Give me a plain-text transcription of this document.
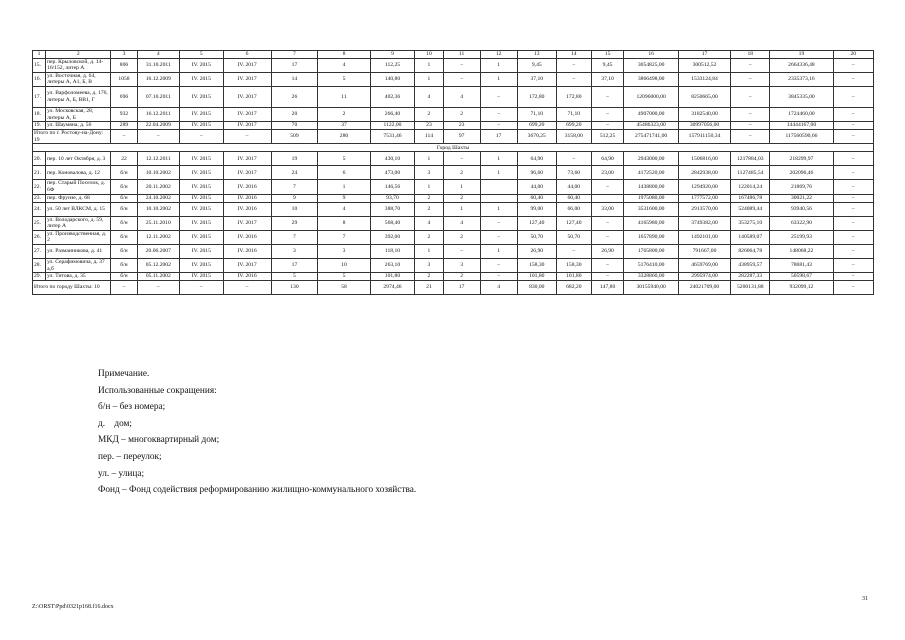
1	2	3	4	5	6	7	8	9	10	11	12	13	14	15	16	17	18	19	20
15.	пер. Крыловской, д. 14-16/152, литер А	806	31.10.2011	IV. 2015	IV. 2017	17	4	112,25	1	–	1	9,45	–	9,45	3054825,00	300512,52	–	2664336,48	–
16.	ул. Восточная, д. 64, литеры А, А1, Б, В	1058	16.12.2009	IV. 2015	IV. 2017	14	5	140,80	1	–	1	37,10	–	37,10	3866498,00	1533124,84	–	2335373,16	–
17.	ул. Варфоломеева, д. 176, литеры А, Б, ВВ1, Г	696	07.10.2011	IV. 2015	IV. 2017	26	11	402,36	4	4	–	172,80	172,80	–	12096000,00	8250665,00	–	3845335,00	–
18.	ул. Московская, 28, литеры А, Б	932	16.12.2011	IV. 2015	IV. 2017	20	2	266,40	2	2	–	71,10	71,10	–	4907000,00	3182540,00	–	1724460,00	–
19.	ул. Шаумяна, д. 56	289	22.04.2009	IV. 2015	IV. 2017	70	37	1122,00	23	23	–	699,20	699,20	–	45486323,00	30997056,00	–	14444167,00	–
Итого по г. Ростову-на-Дону: 19		–	–	–	–	509	280	7531,46	114	97	17	3670,25	3158,00	512,25	275471741,00	157911150,34	–	117560590,66	–
Город Шахты																			
20.	пер. 10 лет Октября, д. 3	22	12.12.2011	IV. 2015	IV. 2017	19	5	430,10	1	–	1	64,90	–	64,90	2943000,00	1506816,00	1217884,03	218299,97	–
21.	пер. Коновалова, д. 12	б/н	10.10.2002	IV. 2015	IV. 2017	24	6	473,00	3	2	1	96,60	73,60	23,00	4172520,00	2842938,00	1127485,54	202096,46	–
22.	пер. Старый Поселок, д. 6Ф	б/н	20.11.2002	IV. 2015	IV. 2016	7	1	146,56	1	1		44,00	44,00	–	1438800,00	1294920,00	122014,24	21869,76	–
23.	пер. Фрунзе, д. 68	б/н	24.10.2002	IV. 2015	IV. 2016	9	9	93,70	2	2		60,40	60,40		1975080,00	1777572,00	167486,78	30021,22	–
24.	ул. 50 лет ВЛКСМ, д. 15	б/н	10.10.2002	IV. 2015	IV. 2016	10	4	388,70	2	1	1	99,00	66,00	33,00	3531600,00	2913570,00	524089,44	93940,56	–
25.	ул. Володарского, д. 59, литер А	б/н	25.11.2010	IV. 2015	IV. 2017	29	8	568,40	4	4	–	127,40	127,40	–	4165980,00	3749382,00	353275,10	63322,90	–
26.	ул. Производственная, д. 2	б/н	12.11.2002	IV. 2015	IV. 2016	7	7	392,00	2	2	–	50,70	50,70	–	1657890,00	1492101,00	140589,07	25199,93	–
27.	ул. Разманникова, д. 41	б/н	20.06.2007	IV. 2015	IV. 2016	3	3	118,10	1	–	1	26,90	–	26,90	1765800,00	791667,00	826064,78	148068,22	–
28.	ул. Серафимовича, д. 37 а,б	б/н	05.12.2002	IV. 2015	IV. 2017	17	10	263,10	3	3	–	158,30	158,30	–	5176410,00	4659769,00	438959,57	78681,43	–
29.	ул. Титова, д. 35	б/н	05.11.2002	IV. 2015	IV. 2016	5	5	101,80	2	2	–	101,80	101,80	–	3328860,00	2995974,00	282287,33	50598,67	–
Итого по городу Шахты: 10		–	–	–	–	130	58	2974,46	21	17	4	830,00	682,20	147,80	30155940,00	24021709,00	5200131,88	932099,12	–
Примечание.
Использованные сокращения:
б/н – без номера;
д.    дом;
МКД – многоквартирный дом;
пер. – переулок;
ул. – улица;
Фонд – Фонд содействия реформированию жилищно-коммунального хозяйства.
31
Z:\ORST\Ppd\0321p168.f16.docx
